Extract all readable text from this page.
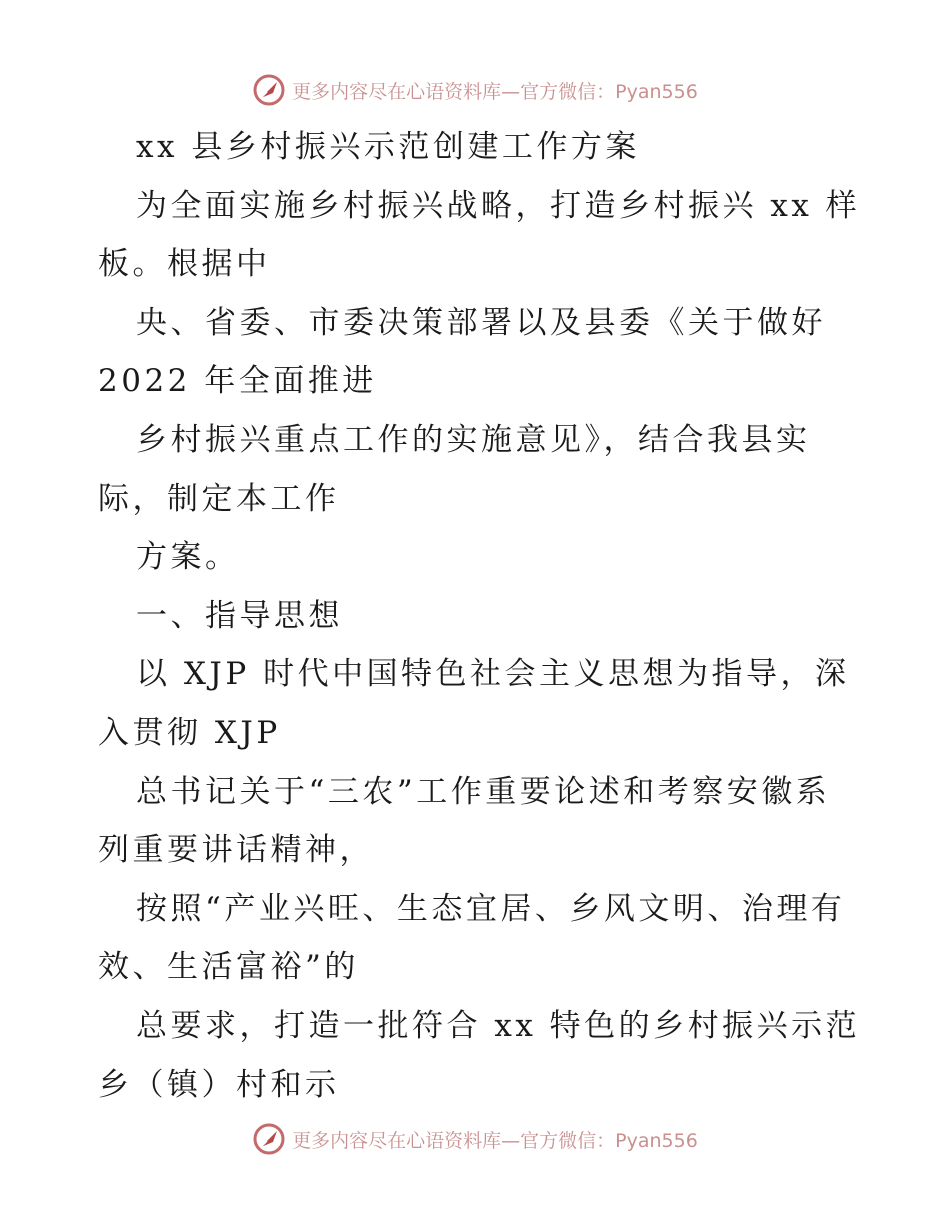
更多内容尽在心语资料库—官方微信：Pyan556
xx 县乡村振兴示范创建工作方案
为全面实施乡村振兴战略，打造乡村振兴 xx 样
板。根据中
央、省委、市委决策部署以及县委《关于做好
2022 年全面推进
乡村振兴重点工作的实施意见》，结合我县实
际，制定本工作
方案。
一、指导思想
以 XJP 时代中国特色社会主义思想为指导，深
入贯彻 XJP
总书记关于“三农”工作重要论述和考察安徽系
列重要讲话精神，
按照“产业兴旺、生态宜居、乡风文明、治理有
效、生活富裕”的
总要求，打造一批符合 xx 特色的乡村振兴示范
乡（镇）村和示
更多内容尽在心语资料库—官方微信：Pyan556
